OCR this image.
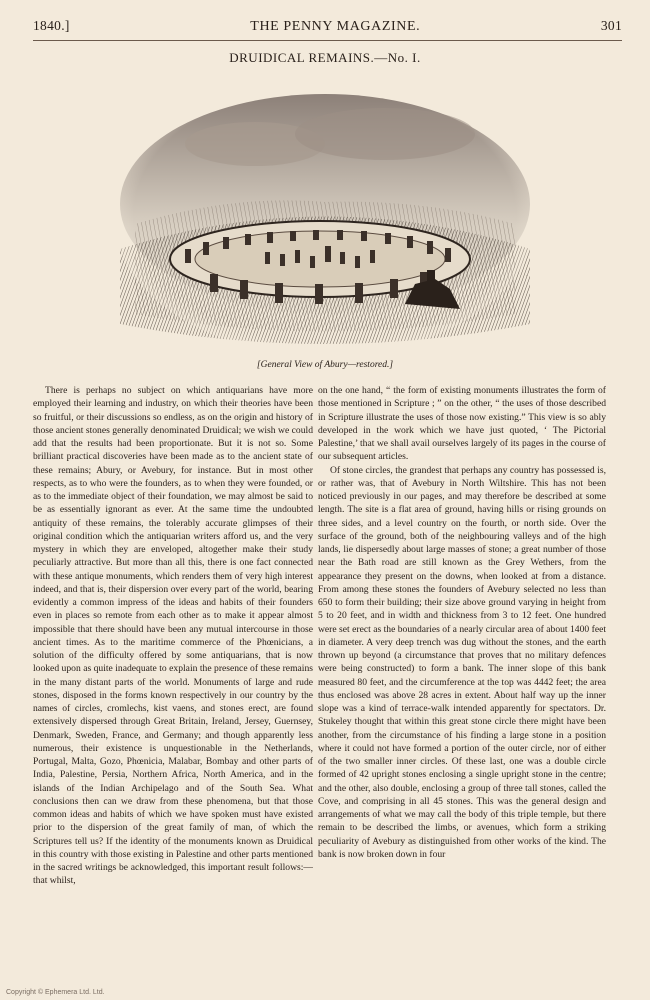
1840.]	THE PENNY MAGAZINE.	301
DRUIDICAL REMAINS.—No. I.
[General View of Abury—restored.]

There is perhaps no subject on which antiquarians have more employed their learning and industry, on which their theories have been so fruitful, or their discussions so endless, as on the origin and history of those ancient stones generally denominated Druidical; we wish we could add that the results had been proportionate. But it is not so. Some brilliant practical discoveries have been made as to the ancient state of these remains; Abury, or Avebury, for instance. But in most other respects, as to who were the founders, as to when they were founded, or as to the immediate object of their foundation, we may almost be said to be as essentially ignorant as ever. At the same time the undoubted antiquity of these remains, the tolerably accurate glimpses of their original condition which the antiquarian writers afford us, and the very mystery in which they are enveloped, altogether make their study peculiarly attractive. But more than all this, there is one fact connected with these antique monuments, which renders them of very high interest indeed, and that is, their dispersion over every part of the world, bearing evidently a common impress of the ideas and habits of their founders even in places so remote from each other as to make it appear almost impossible that there should have been any mutual intercourse in those ancient times. As to the maritime commerce of the Phœnicians, a solution of the difficulty offered by some antiquarians, that is now looked upon as quite inadequate to explain the presence of these remains in the many distant parts of the world. Monuments of large and rude stones, disposed in the forms known respectively in our country by the names of circles, cromlechs, kist vaens, and stones erect, are found extensively dispersed through Great Britain, Ireland, Jersey, Guernsey, Denmark, Sweden, France, and Germany; and though apparently less numerous, their existence is unquestionable in the Netherlands, Portugal, Malta, Gozo, Phœnicia, Malabar, Bombay and other parts of India, Palestine, Persia, Northern Africa, North America, and in the islands of the Indian Archipelago and of the South Sea. What conclusions then can we draw from these phenomena, but that those common ideas and habits of which we have spoken must have existed prior to the dispersion of the great family of man, of which the Scriptures tell us? If the identity of the monuments known as Druidical in this country with those existing in Palestine and other parts mentioned in the sacred writings be acknowledged, this important result follows:—that whilst,

on the one hand, “ the form of existing monuments illustrates the form of those mentioned in Scripture ; ” on the other, “ the uses of those described in Scripture illustrate the uses of those now existing.” This view is so ably developed in the work which we have just quoted, ‘ The Pictorial Palestine,’ that we shall avail ourselves largely of its pages in the course of our subsequent articles.

Of stone circles, the grandest that perhaps any country has possessed is, or rather was, that of Avebury in North Wiltshire. This has not been noticed previously in our pages, and may therefore be described at some length. The site is a flat area of ground, having hills or rising grounds on three sides, and a level country on the fourth, or north side. Over the surface of the ground, both of the neighbouring valleys and of the high lands, lie dispersedly about large masses of stone; a great number of those near the Bath road are still known as the Grey Wethers, from the appearance they present on the downs, when looked at from a distance. From among these stones the founders of Avebury selected no less than 650 to form their building; their size above ground varying in height from 5 to 20 feet, and in width and thickness from 3 to 12 feet. One hundred were set erect as the boundaries of a nearly circular area of about 1400 feet in diameter. A very deep trench was dug without the stones, and the earth thrown up beyond (a circumstance that proves that no military defences were being constructed) to form a bank. The inner slope of this bank measured 80 feet, and the circumference at the top was 4442 feet; the area thus enclosed was above 28 acres in extent. About half way up the inner slope was a kind of terrace-walk intended apparently for spectators. Dr. Stukeley thought that within this great stone circle there might have been another, from the circumstance of his finding a large stone in a position where it could not have formed a portion of the outer circle, nor of either of the two smaller inner circles. Of these last, one was a double circle formed of 42 upright stones enclosing a single upright stone in the centre; and the other, also double, enclosing a group of three tall stones, called the Cove, and comprising in all 45 stones. This was the general design and arrangements of what we may call the body of this triple temple, but there remain to be described the limbs, or avenues, which form a striking peculiarity of Avebury as distinguished from other works of the kind. The bank is now broken down in four

Copyright © Ephemera Ltd. Ltd.
